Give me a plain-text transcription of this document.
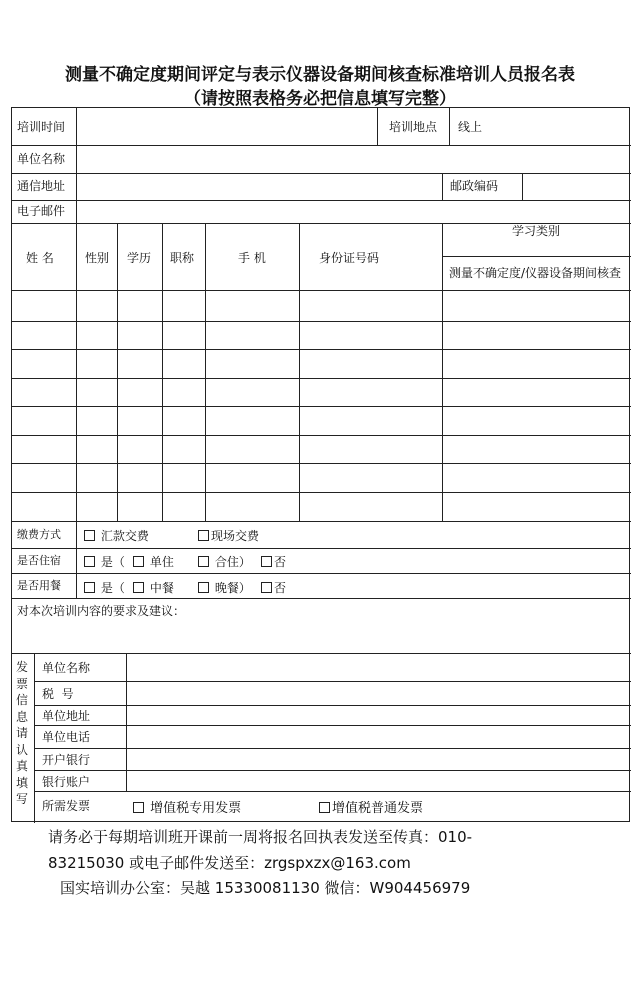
测量不确定度期间评定与表示仪器设备期间核查标准培训人员报名表
（请按照表格务必把信息填写完整）
培训时间	培训地点 线上
单位名称
通信地址	邮政编码
电子邮件
姓 名	性别 学历 职称	手 机	身份证号码
学习类别
测量不确定度/仪器设备期间核查
缴费方式	汇款交费	现场交费
是否住宿	是（	单住	合住）	否
是否用餐	是（	中餐	晚餐）	否
对本次培训内容的要求及建议：
发票信息请认真填写
单位名称
税  号
单位地址
单位电话
开户银行
银行账户
所需发票	增值税专用发票	增值税普通发票
请务必于每期培训班开课前一周将报名回执表发送至传真：010-
83215030 或电子邮件发送至：zrgspxzx@163.com
国实培训办公室：吴越 15330081130 微信：W904456979
